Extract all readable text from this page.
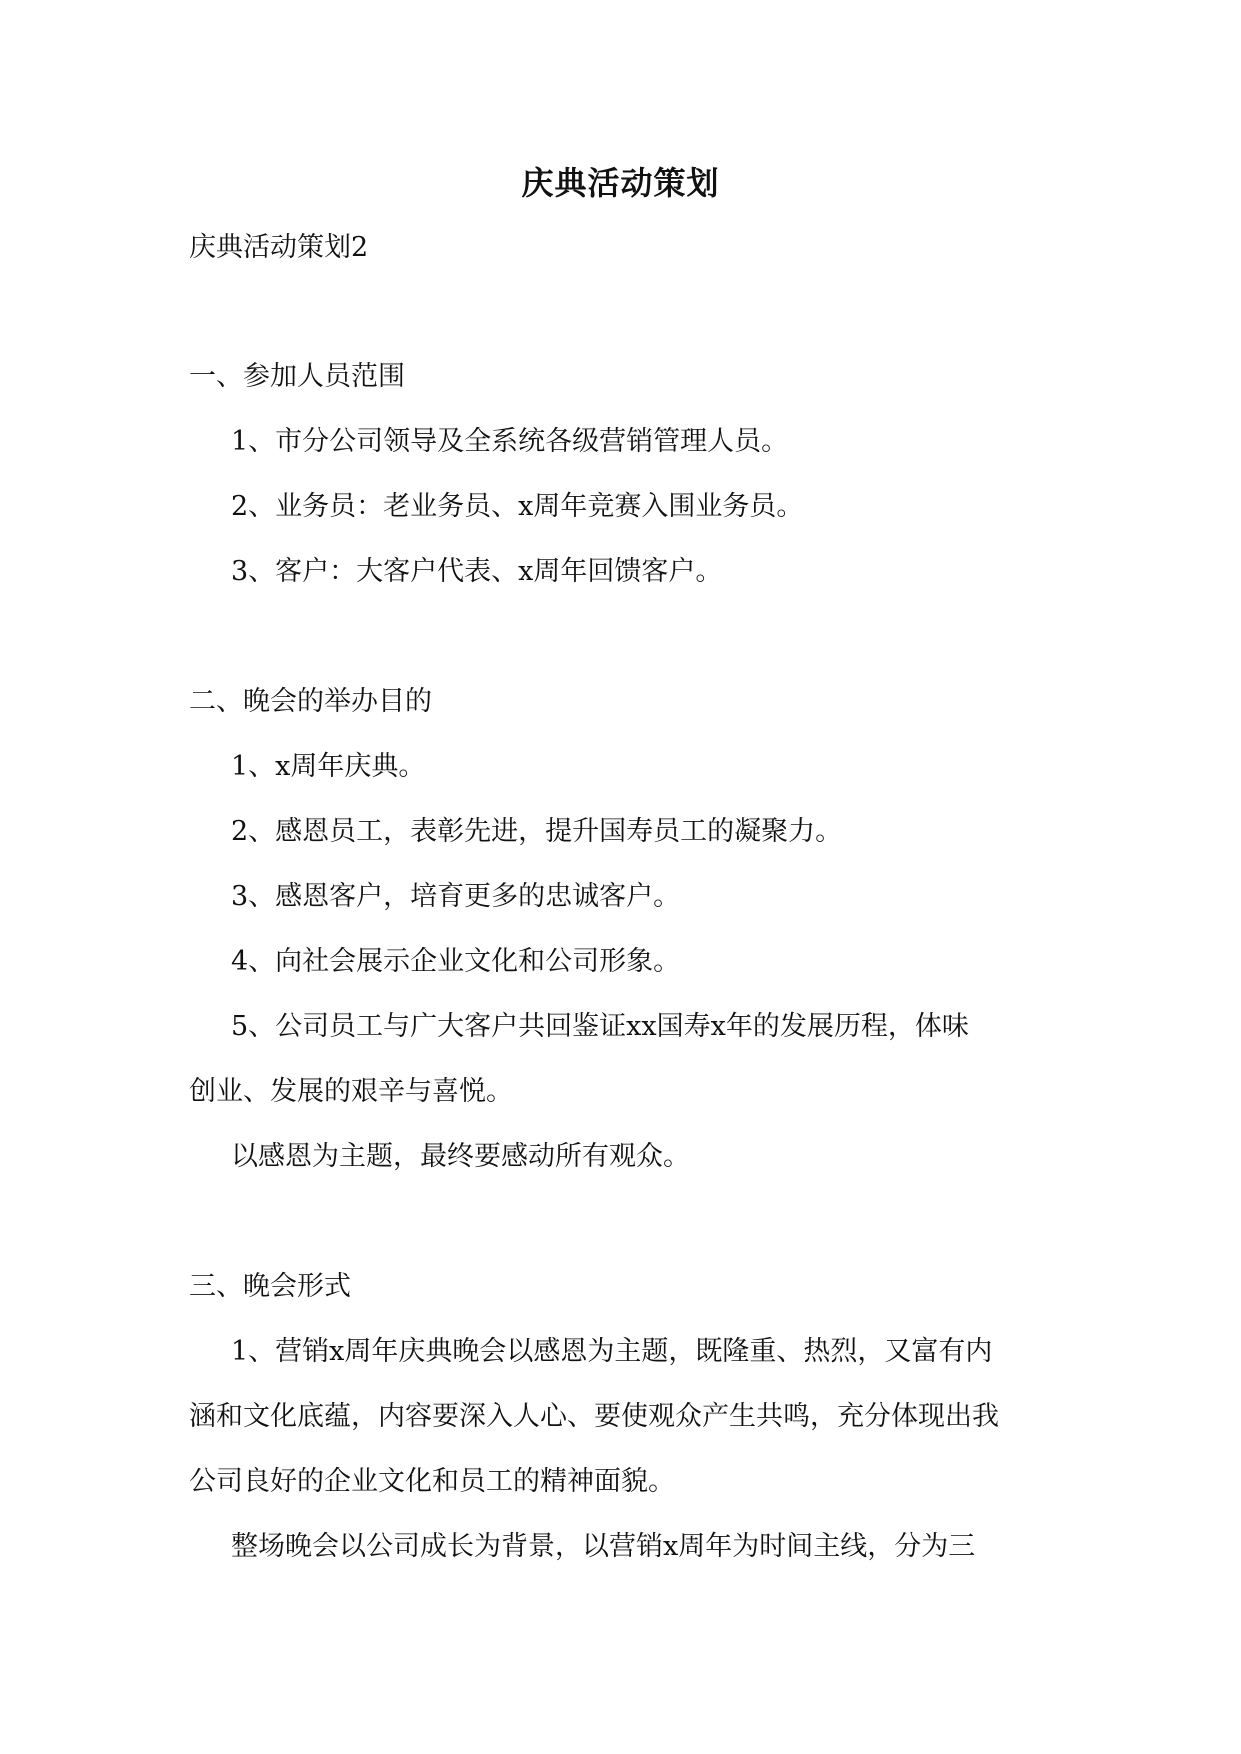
庆典活动策划
庆典活动策划2
一、参加人员范围
1、市分公司领导及全系统各级营销管理人员。
2、业务员：老业务员、x周年竞赛入围业务员。
3、客户：大客户代表、x周年回馈客户。
二、晚会的举办目的
1、x周年庆典。
2、感恩员工，表彰先进，提升国寿员工的凝聚力。
3、感恩客户，培育更多的忠诚客户。
4、向社会展示企业文化和公司形象。
5、公司员工与广大客户共回鉴证xx国寿x年的发展历程，体味
创业、发展的艰辛与喜悦。
以感恩为主题，最终要感动所有观众。
三、晚会形式
1、营销x周年庆典晚会以感恩为主题，既隆重、热烈，又富有内
涵和文化底蕴，内容要深入人心、要使观众产生共鸣，充分体现出我
公司良好的企业文化和员工的精神面貌。
整场晚会以公司成长为背景，以营销x周年为时间主线，分为三
